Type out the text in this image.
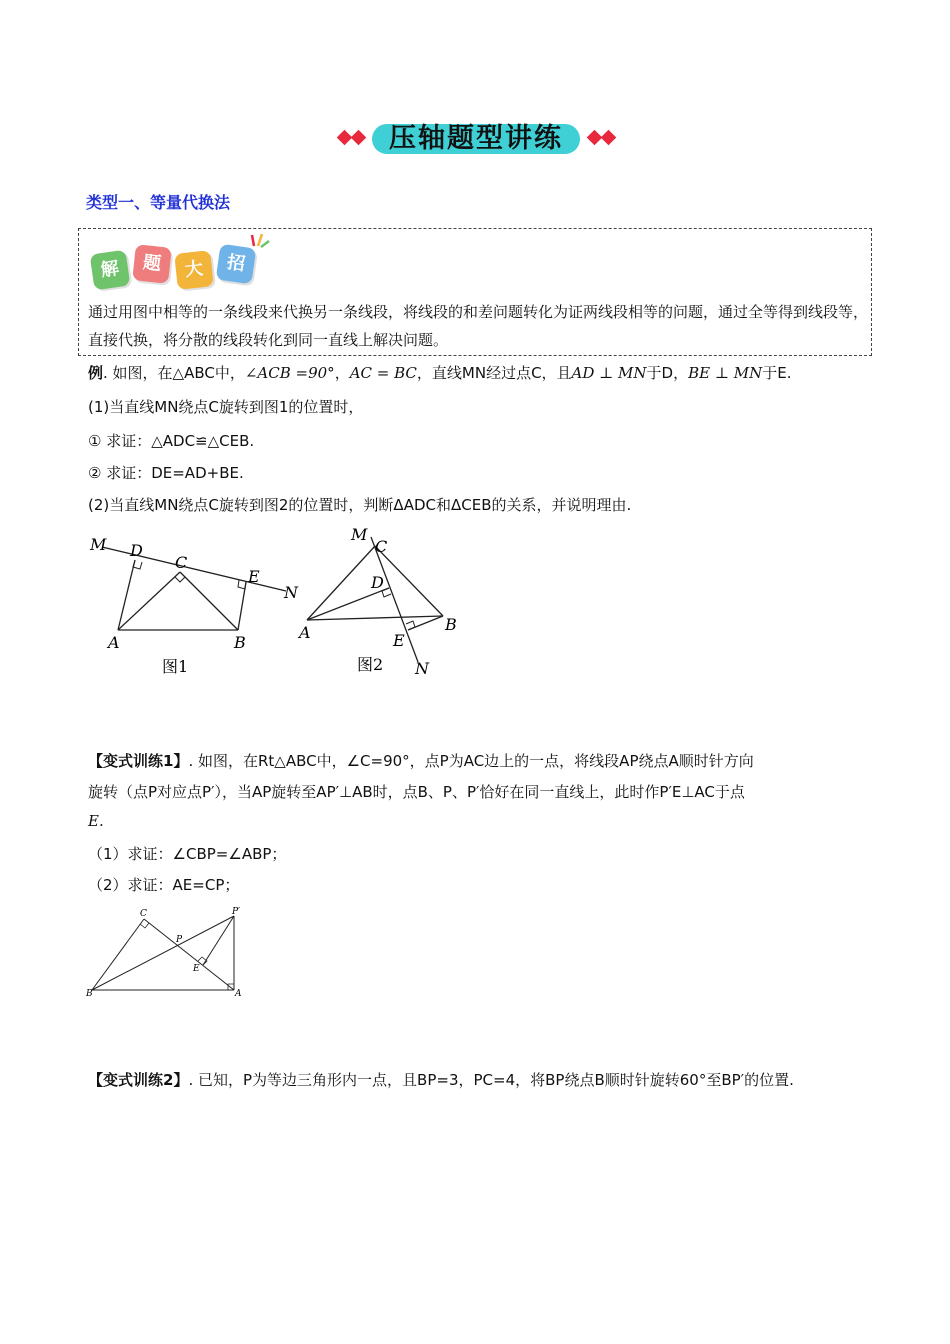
压轴题型讲练
类型一、等量代换法
解	题	大	招
通过用图中相等的一条线段来代换另一条线段，将线段的和差问题转化为证两线段相等的问题，通过全等得到线段等，直接代换，将分散的线段转化到同一直线上解决问题。
例. 如图，在△ABC中，∠ACB =90°，AC = BC，直线MN经过点C，且AD ⊥ MN于D，BE ⊥ MN于E.
(1)当直线MN绕点C旋转到图1的位置时，
① 求证：△ADC≌△CEB.
② 求证：DE=AD+BE.
(2)当直线MN绕点C旋转到图2的位置时，判断ΔADC和ΔCEB的关系，并说明理由.
M D
C
E
N
A	B
图1
M
C
D
A	B
E
N
图2
【变式训练1】. 如图，在Rt△ABC中，∠C=90°，点P为AC边上的一点，将线段AP绕点A顺时针方向
旋转（点P对应点P′），当AP旋转至AP′⊥AB时，点B、P、P′恰好在同一直线上，此时作P′E⊥AC于点
E.
（1）求证：∠CBP=∠ABP；
（2）求证：AE=CP；
C	P′
P
E
B	A
【变式训练2】. 已知，P为等边三角形内一点，且BP=3，PC=4，将BP绕点B顺时针旋转60°至BP′的位置.
